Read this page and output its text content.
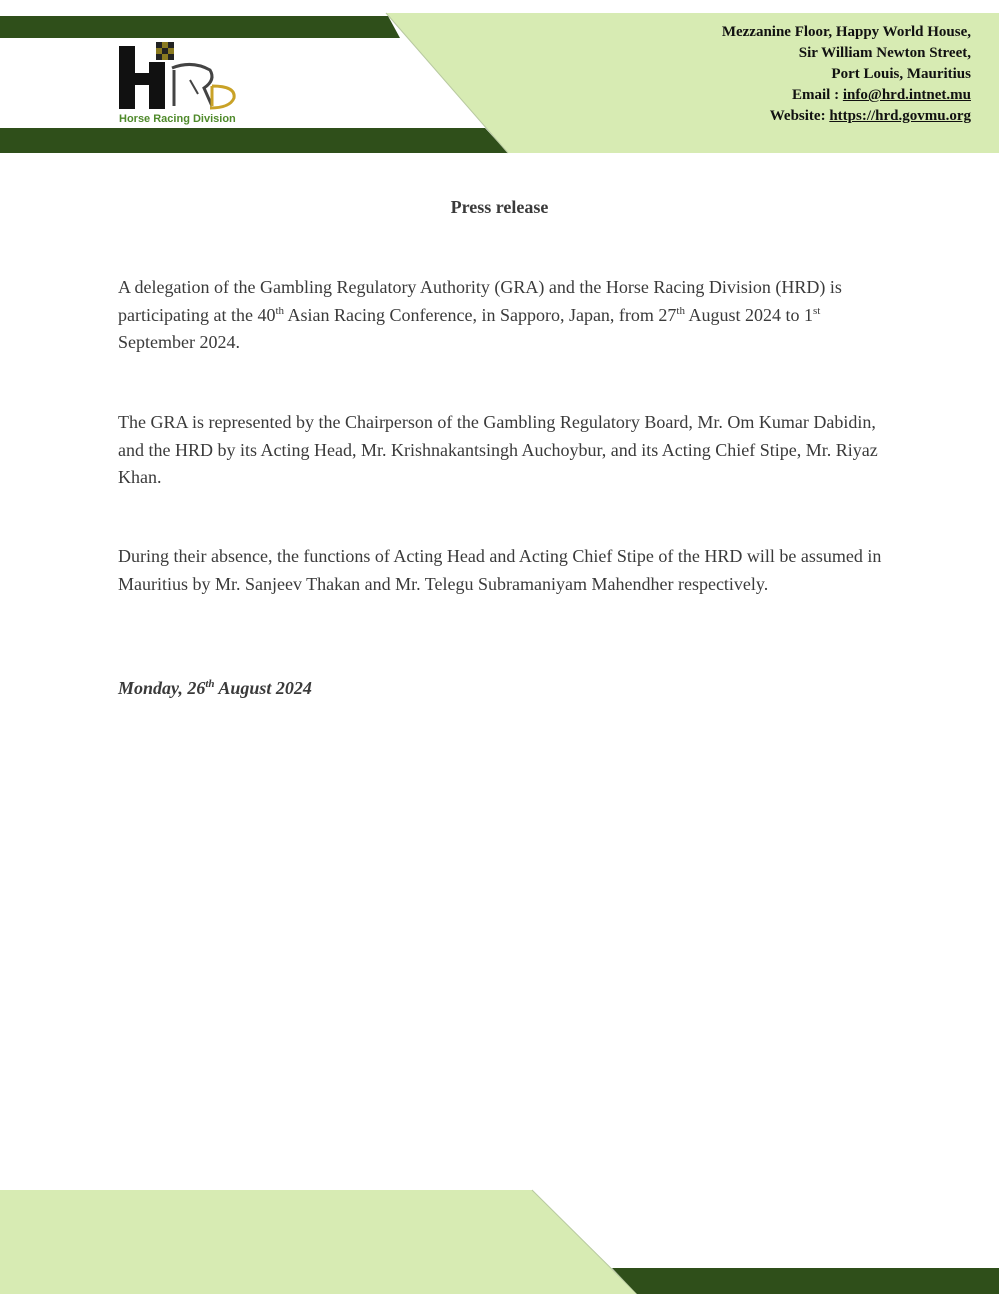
Horse Racing Division
Mezzanine Floor, Happy World House,
Sir William Newton Street,
Port Louis, Mauritius
Email : info@hrd.intnet.mu
Website: https://hrd.govmu.org
Press release

A delegation of the Gambling Regulatory Authority (GRA) and the Horse Racing Division (HRD) is participating at the 40th Asian Racing Conference, in Sapporo, Japan, from 27th August 2024 to 1st September 2024.

The GRA is represented by the Chairperson of the Gambling Regulatory Board, Mr. Om Kumar Dabidin, and the HRD by its Acting Head, Mr. Krishnakantsingh Auchoybur, and its Acting Chief Stipe, Mr. Riyaz Khan.

During their absence, the functions of Acting Head and Acting Chief Stipe of the HRD will be assumed in Mauritius by Mr. Sanjeev Thakan and Mr. Telegu Subramaniyam Mahendher respectively.

Monday, 26th August 2024
